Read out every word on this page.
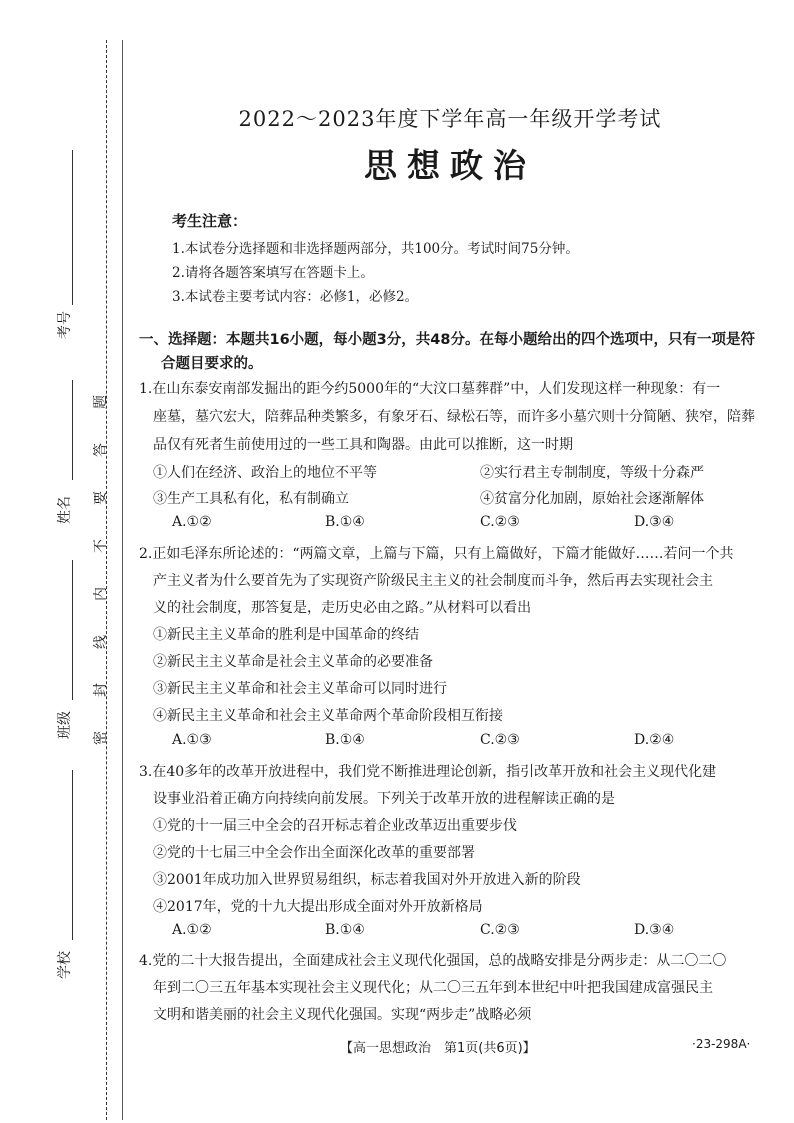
考号
姓名
班级
学校
密
封
线
内
不
要
答
题
2022～2023年度下学年高一年级开学考试
思想政治
考生注意：
1.本试卷分选择题和非选择题两部分，共100分。考试时间75分钟。
2.请将各题答案填写在答题卡上。
3.本试卷主要考试内容：必修1，必修2。
一、选择题：本题共16小题，每小题3分，共48分。在每小题给出的四个选项中，只有一项是符
合题目要求的。
1.在山东泰安南部发掘出的距今约5000年的“大汶口墓葬群”中，人们发现这样一种现象：有一
座墓，墓穴宏大，陪葬品种类繁多，有象牙石、绿松石等，而许多小墓穴则十分简陋、狭窄，陪葬
品仅有死者生前使用过的一些工具和陶器。由此可以推断，这一时期
①人们在经济、政治上的地位不平等	②实行君主专制制度，等级十分森严
③生产工具私有化，私有制确立	④贫富分化加剧，原始社会逐渐解体
A.①②	B.①④	C.②③	D.③④
2.正如毛泽东所论述的：“两篇文章，上篇与下篇，只有上篇做好，下篇才能做好……若问一个共
产主义者为什么要首先为了实现资产阶级民主主义的社会制度而斗争，然后再去实现社会主
义的社会制度，那答复是，走历史必由之路。”从材料可以看出
①新民主主义革命的胜利是中国革命的终结
②新民主主义革命是社会主义革命的必要准备
③新民主主义革命和社会主义革命可以同时进行
④新民主主义革命和社会主义革命两个革命阶段相互衔接
A.①③	B.①④	C.②③	D.②④
3.在40多年的改革开放进程中，我们党不断推进理论创新，指引改革开放和社会主义现代化建
设事业沿着正确方向持续向前发展。下列关于改革开放的进程解读正确的是
①党的十一届三中全会的召开标志着企业改革迈出重要步伐
②党的十七届三中全会作出全面深化改革的重要部署
③2001年成功加入世界贸易组织，标志着我国对外开放进入新的阶段
④2017年，党的十九大提出形成全面对外开放新格局
A.①②	B.①④	C.②③	D.③④
4.党的二十大报告提出，全面建成社会主义现代化强国，总的战略安排是分两步走：从二〇二〇
年到二〇三五年基本实现社会主义现代化；从二〇三五年到本世纪中叶把我国建成富强民主
文明和谐美丽的社会主义现代化强国。实现“两步走”战略必须
【高一思想政治　第1页(共6页)】	·23-298A·
